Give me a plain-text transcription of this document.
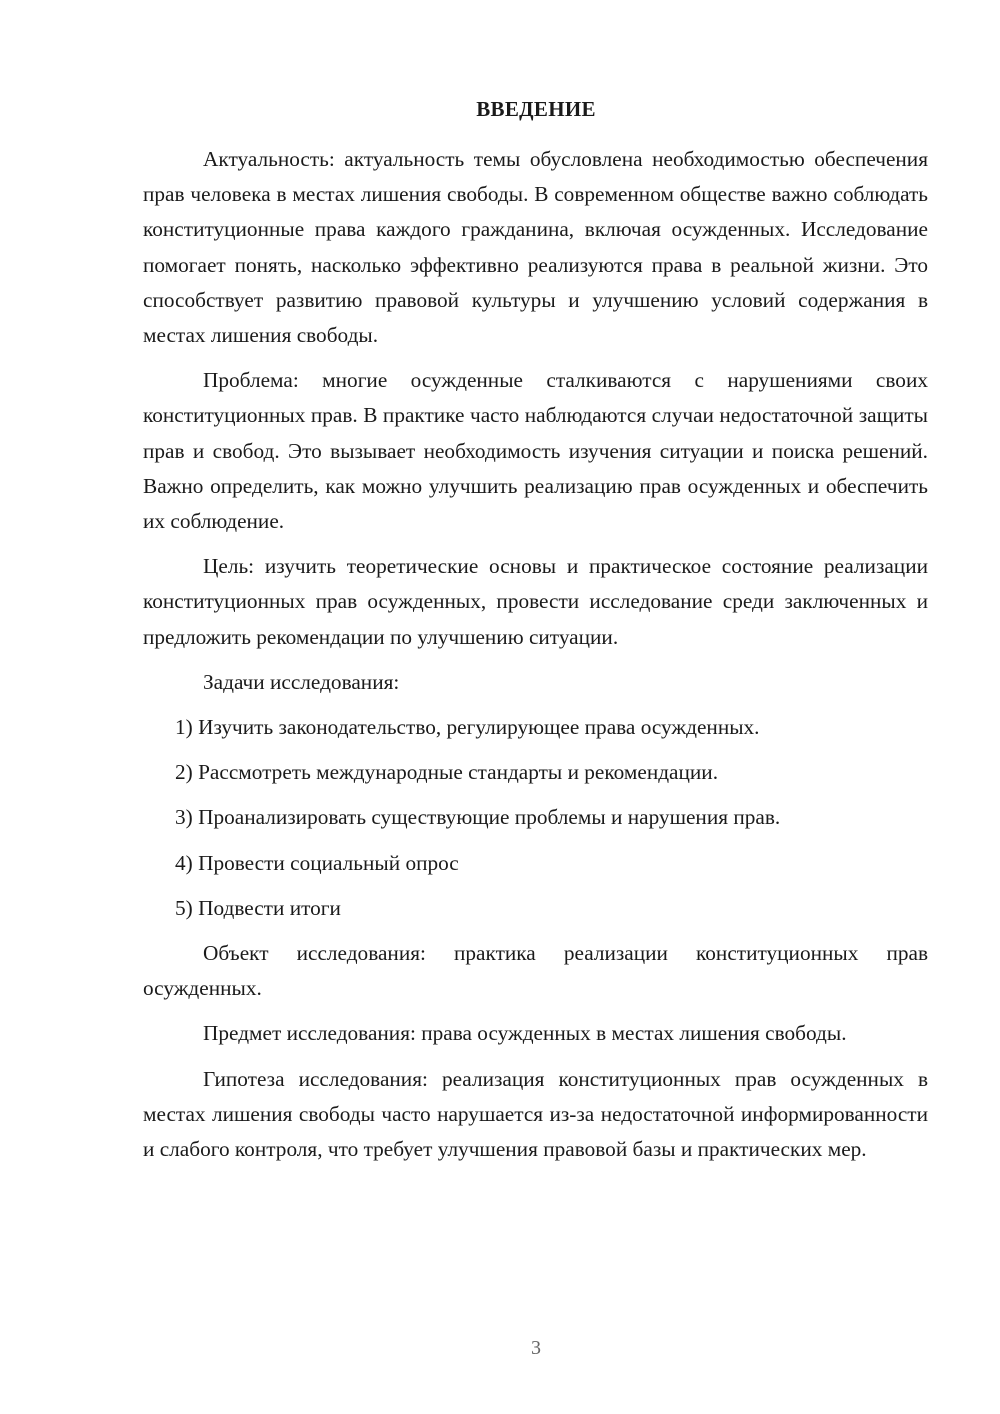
ВВЕДЕНИЕ

Актуальность: актуальность темы обусловлена необходимостью обеспечения прав человека в местах лишения свободы. В современном обществе важно соблюдать конституционные права каждого гражданина, включая осужденных. Исследование помогает понять, насколько эффективно реализуются права в реальной жизни. Это способствует развитию правовой культуры и улучшению условий содержания в местах лишения свободы.

Проблема: многие осужденные сталкиваются с нарушениями своих конституционных прав. В практике часто наблюдаются случаи недостаточной защиты прав и свобод. Это вызывает необходимость изучения ситуации и поиска решений. Важно определить, как можно улучшить реализацию прав осужденных и обеспечить их соблюдение.

Цель: изучить теоретические основы и практическое состояние реализации конституционных прав осужденных, провести исследование среди заключенных и предложить рекомендации по улучшению ситуации.

Задачи исследования:

1) Изучить законодательство, регулирующее права осужденных.
2) Рассмотреть международные стандарты и рекомендации.
3) Проанализировать существующие проблемы и нарушения прав.
4) Провести социальный опрос
5) Подвести итоги

Объект исследования: практика реализации конституционных прав осужденных.

Предмет исследования: права осужденных в местах лишения свободы.

Гипотеза исследования: реализация конституционных прав осужденных в местах лишения свободы часто нарушается из-за недостаточной информированности и слабого контроля, что требует улучшения правовой базы и практических мер.

3
